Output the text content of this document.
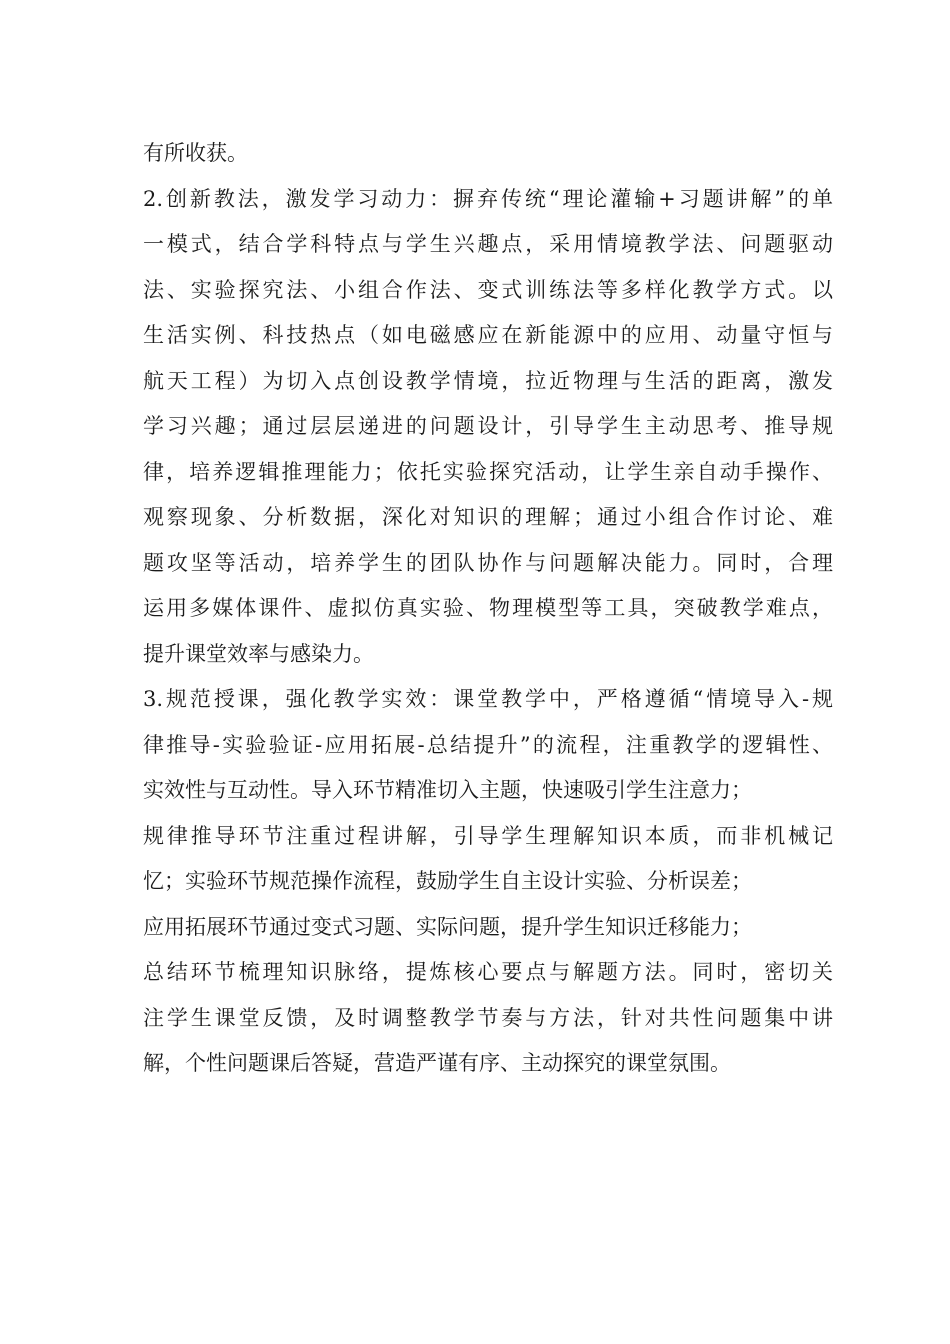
有所收获。
2.创新教法，激发学习动力：摒弃传统“理论灌输+习题讲解”的单
一模式，结合学科特点与学生兴趣点，采用情境教学法、问题驱动
法、实验探究法、小组合作法、变式训练法等多样化教学方式。以
生活实例、科技热点（如电磁感应在新能源中的应用、动量守恒与
航天工程）为切入点创设教学情境，拉近物理与生活的距离，激发
学习兴趣；通过层层递进的问题设计，引导学生主动思考、推导规
律，培养逻辑推理能力；依托实验探究活动，让学生亲自动手操作、
观察现象、分析数据，深化对知识的理解；通过小组合作讨论、难
题攻坚等活动，培养学生的团队协作与问题解决能力。同时，合理
运用多媒体课件、虚拟仿真实验、物理模型等工具，突破教学难点，
提升课堂效率与感染力。
3.规范授课，强化教学实效：课堂教学中，严格遵循“情境导入-规
律推导-实验验证-应用拓展-总结提升”的流程，注重教学的逻辑性、
实效性与互动性。导入环节精准切入主题，快速吸引学生注意力；
规律推导环节注重过程讲解，引导学生理解知识本质，而非机械记
忆；实验环节规范操作流程，鼓励学生自主设计实验、分析误差；
应用拓展环节通过变式习题、实际问题，提升学生知识迁移能力；
总结环节梳理知识脉络，提炼核心要点与解题方法。同时，密切关
注学生课堂反馈，及时调整教学节奏与方法，针对共性问题集中讲
解，个性问题课后答疑，营造严谨有序、主动探究的课堂氛围。
